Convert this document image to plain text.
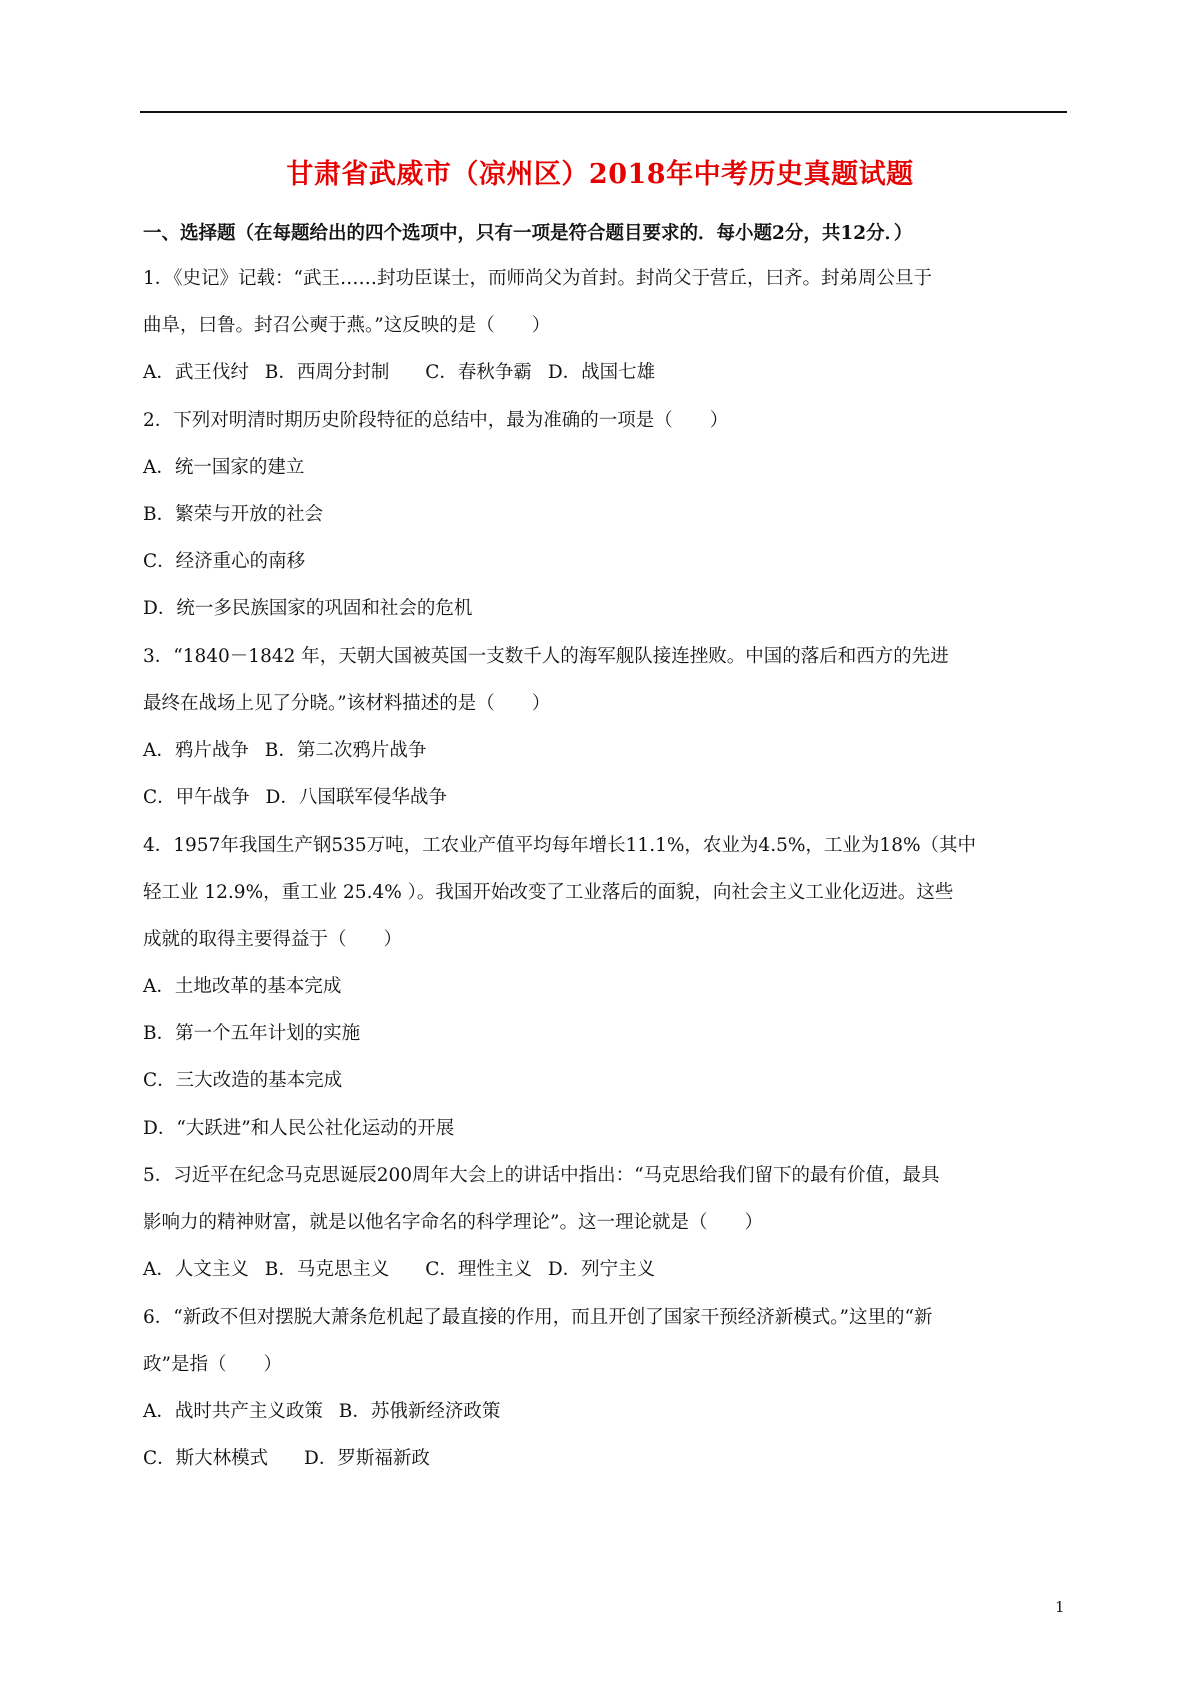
甘肃省武威市（凉州区）2018年中考历史真题试题
一、选择题（在每题给出的四个选项中，只有一项是符合题目要求的．每小题2分，共12分．）
1．《史记》记载：“武王……封功臣谋士，而师尚父为首封。封尚父于营丘，曰齐。封弟周公旦于
曲阜，曰鲁。封召公奭于燕。”这反映的是（　　）
A．武王伐纣 B．西周分封制 C．春秋争霸 D．战国七雄
2．下列对明清时期历史阶段特征的总结中，最为准确的一项是（　　）
A．统一国家的建立
B．繁荣与开放的社会
C．经济重心的南移
D．统一多民族国家的巩固和社会的危机
3．“1840－1842 年，天朝大国被英国一支数千人的海军舰队接连挫败。中国的落后和西方的先进
最终在战场上见了分晓。”该材料描述的是（　　）
A．鸦片战争 B．第二次鸦片战争
C．甲午战争 D．八国联军侵华战争
4．1957年我国生产钢535万吨，工农业产值平均每年增长11.1%，农业为4.5%，工业为18%（其中
轻工业 12.9%，重工业 25.4% ）。我国开始改变了工业落后的面貌，向社会主义工业化迈进。这些
成就的取得主要得益于（　　）
A．土地改革的基本完成
B．第一个五年计划的实施
C．三大改造的基本完成
D．“大跃进”和人民公社化运动的开展
5．习近平在纪念马克思诞辰200周年大会上的讲话中指出：“马克思给我们留下的最有价值，最具
影响力的精神财富，就是以他名字命名的科学理论”。这一理论就是（　　）
A．人文主义 B．马克思主义 C．理性主义 D．列宁主义
6．“新政不但对摆脱大萧条危机起了最直接的作用，而且开创了国家干预经济新模式。”这里的“新
政”是指（　　）
A．战时共产主义政策 B．苏俄新经济政策
C．斯大林模式 D．罗斯福新政
1
